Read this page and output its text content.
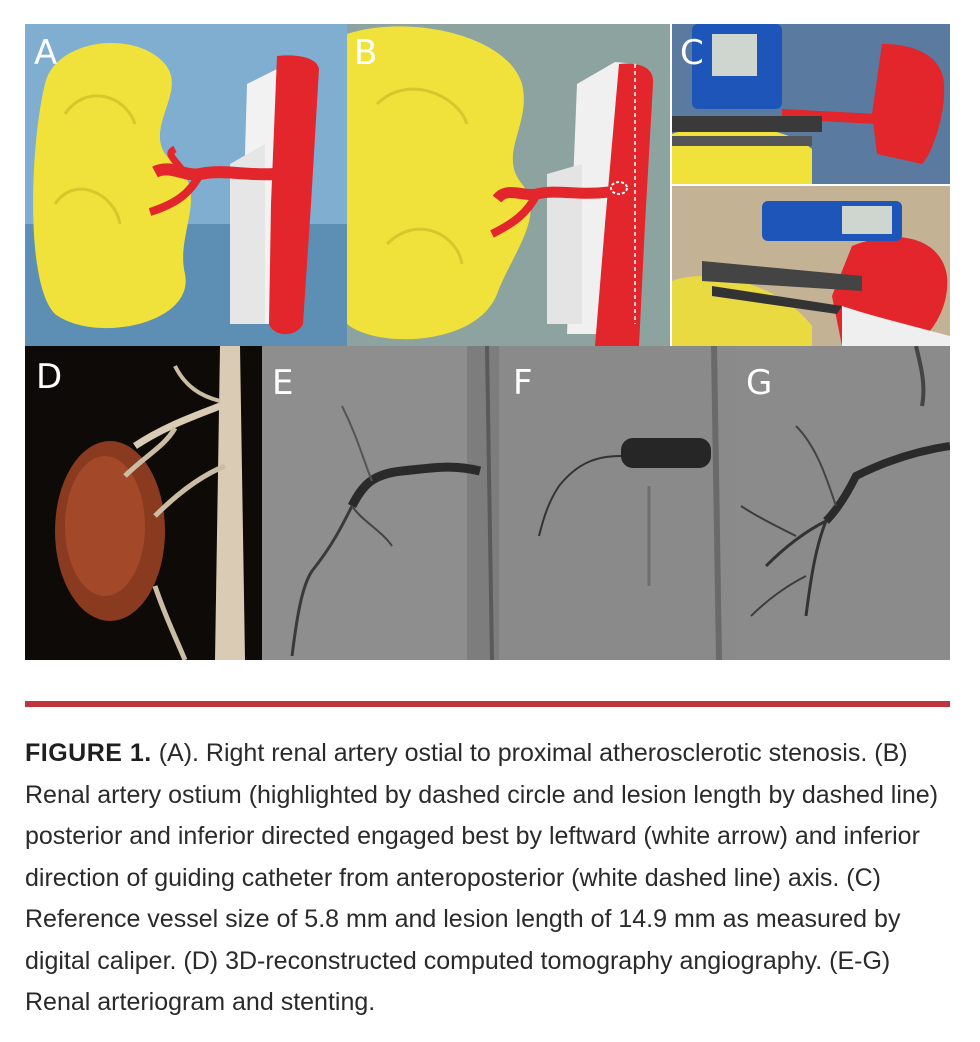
A	B	C
D	E	F	G
FIGURE 1. (A). Right renal artery ostial to proximal atherosclerotic stenosis. (B) Renal artery ostium (highlighted by dashed circle and lesion length by dashed line) posterior and inferior directed engaged best by leftward (white arrow) and inferior direction of guiding catheter from anteroposterior (white dashed line) axis. (C) Reference vessel size of 5.8 mm and lesion length of 14.9 mm as measured by digital caliper. (D) 3D-reconstructed computed tomography angiography. (E-G) Renal arteriogram and stenting.
